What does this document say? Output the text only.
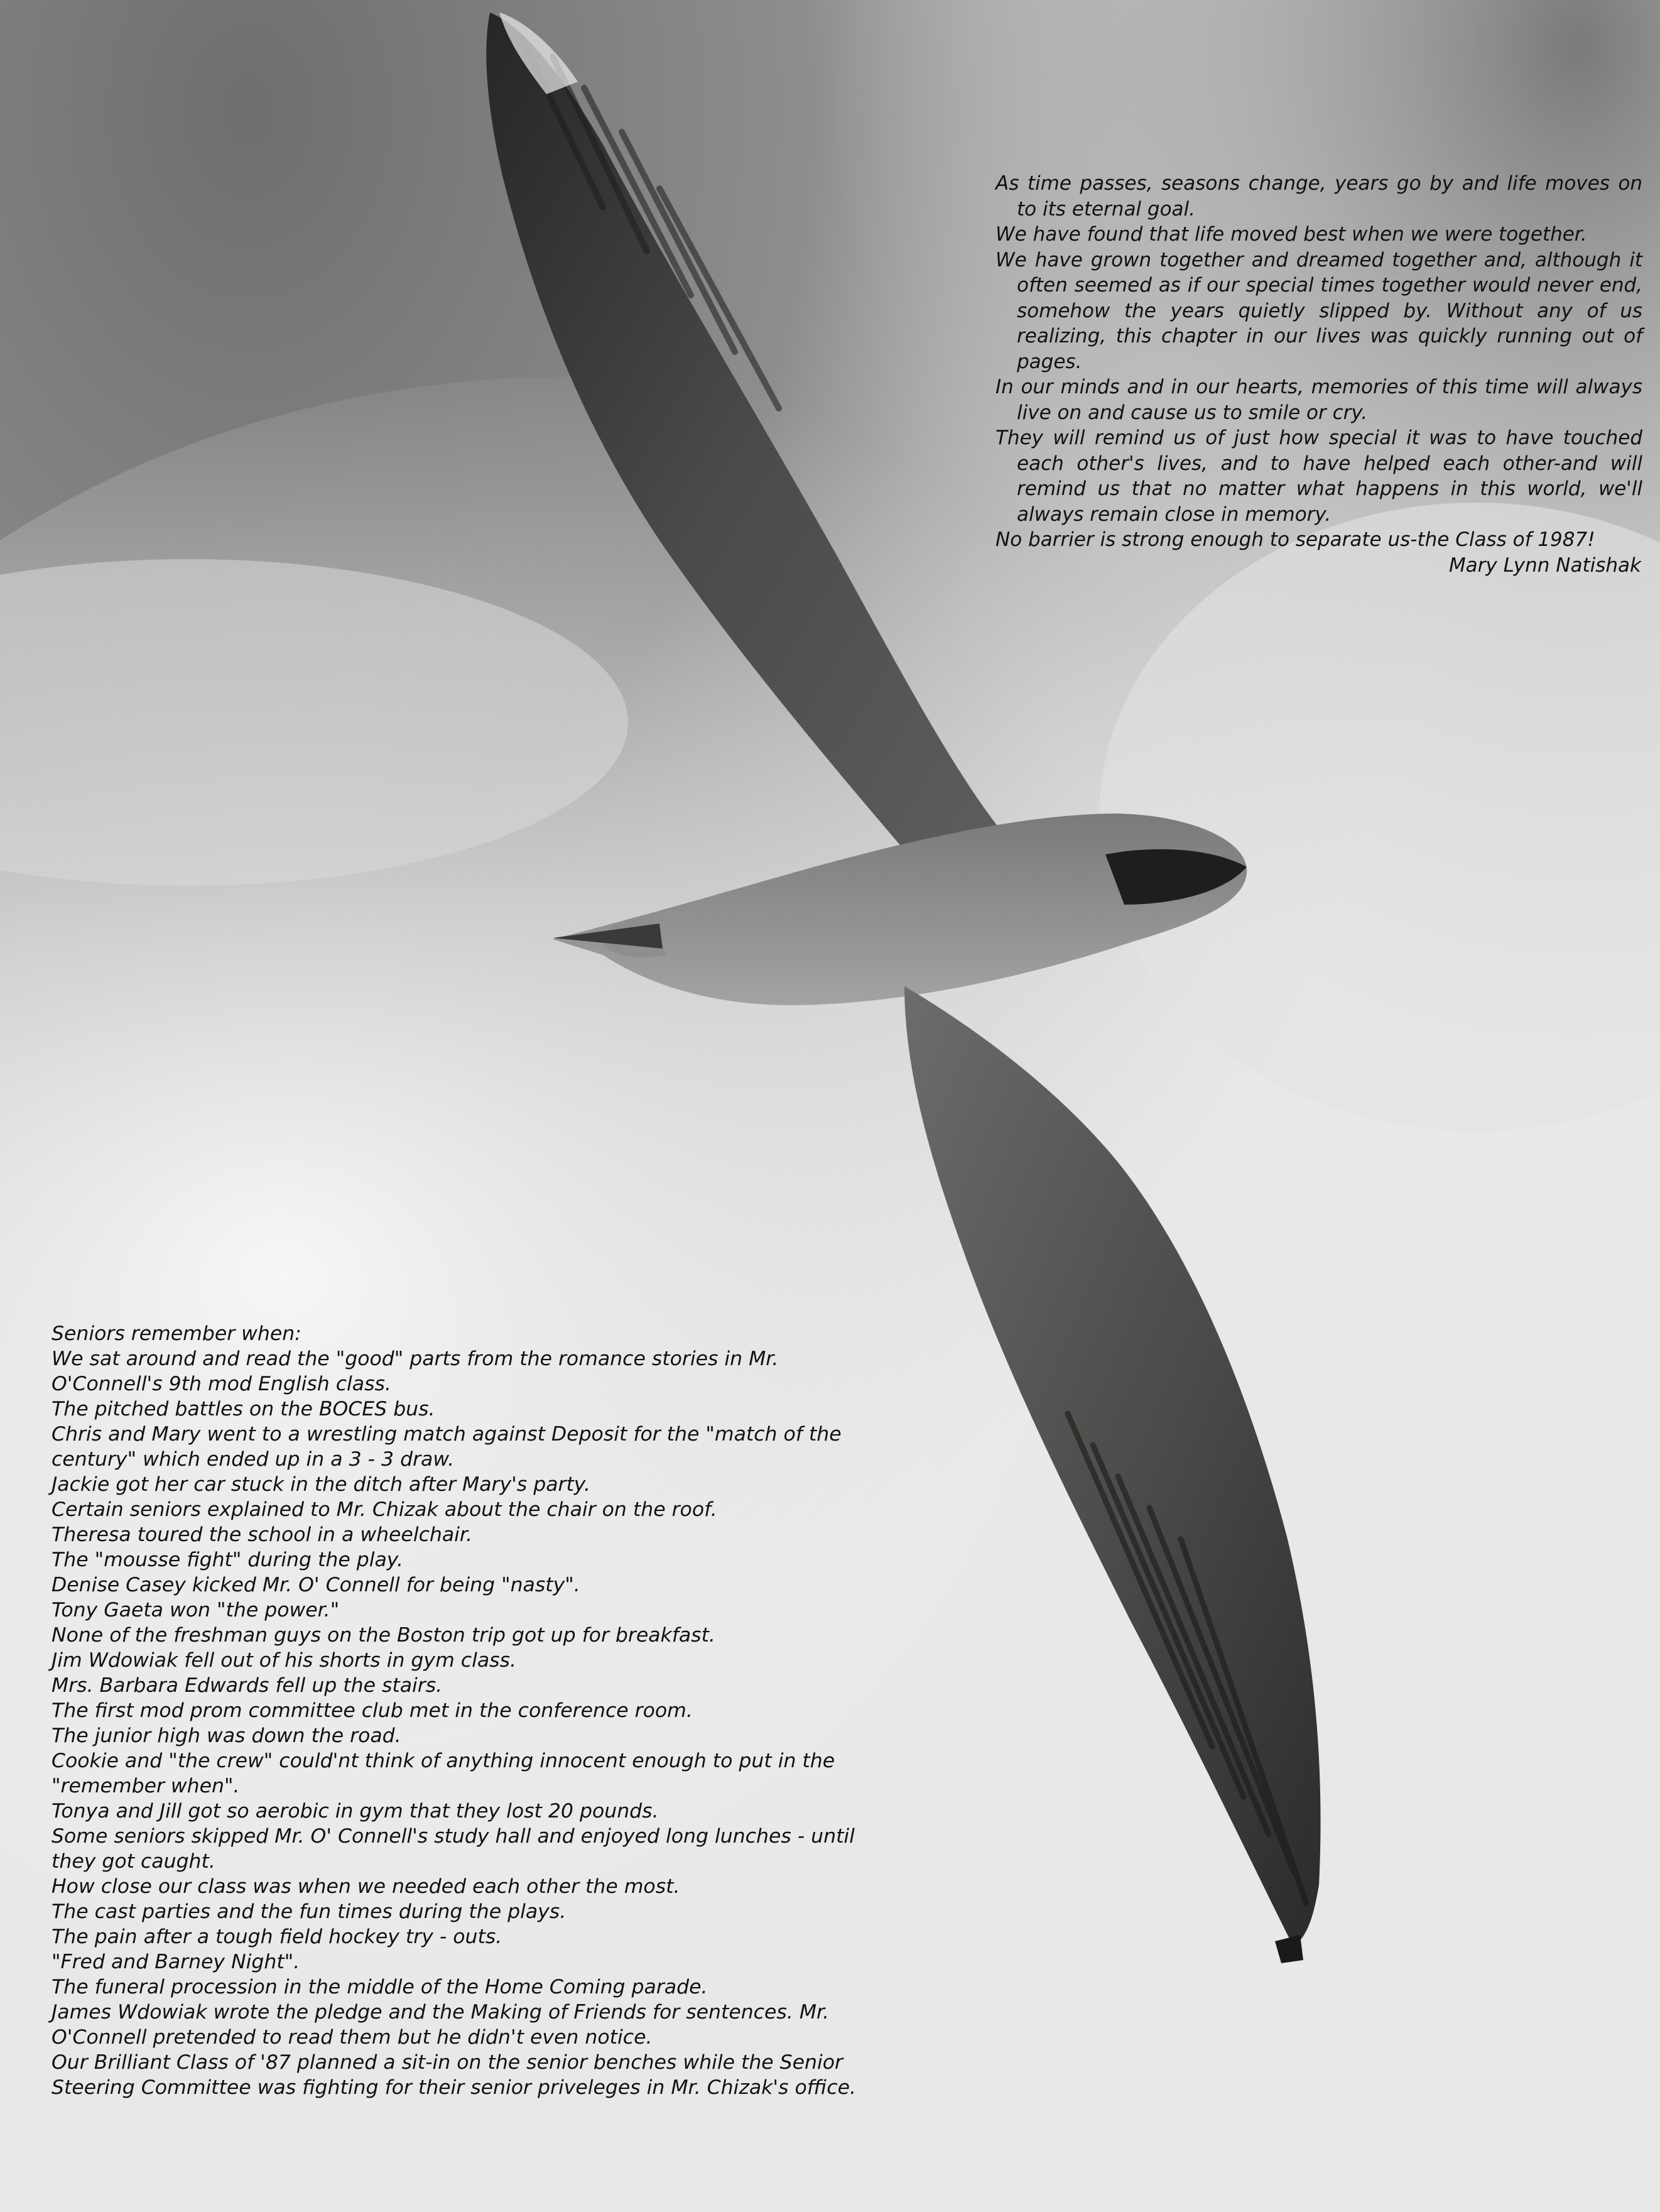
As time passes, seasons change, years go by and life moves on to its eternal goal.

We have found that life moved best when we were together.

We have grown together and dreamed together and, although it often seemed as if our special times together would never end, somehow the years quietly slipped by. Without any of us realizing, this chapter in our lives was quickly running out of pages.

In our minds and in our hearts, memories of this time will always live on and cause us to smile or cry.

They will remind us of just how special it was to have touched each other's lives, and to have helped each other-and will remind us that no matter what happens in this world, we'll always remain close in memory.

No barrier is strong enough to separate us-the Class of 1987!

Mary Lynn Natishak

Seniors remember when:

We sat around and read the "good" parts from the romance stories in Mr. O'Connell's 9th mod English class.

The pitched battles on the BOCES bus.

Chris and Mary went to a wrestling match against Deposit for the "match of the century" which ended up in a 3 - 3 draw.

Jackie got her car stuck in the ditch after Mary's party.

Certain seniors explained to Mr. Chizak about the chair on the roof.

Theresa toured the school in a wheelchair.

The "mousse fight" during the play.

Denise Casey kicked Mr. O' Connell for being "nasty".

Tony Gaeta won "the power."

None of the freshman guys on the Boston trip got up for breakfast.

Jim Wdowiak fell out of his shorts in gym class.

Mrs. Barbara Edwards fell up the stairs.

The first mod prom committee club met in the conference room.

The junior high was down the road.

Cookie and "the crew" could'nt think of anything innocent enough to put in the "remember when".

Tonya and Jill got so aerobic in gym that they lost 20 pounds.

Some seniors skipped Mr. O' Connell's study hall and enjoyed long lunches - until they got caught.

How close our class was when we needed each other the most.

The cast parties and the fun times during the plays.

The pain after a tough field hockey try - outs.

"Fred and Barney Night".

The funeral procession in the middle of the Home Coming parade.

James Wdowiak wrote the pledge and the Making of Friends for sentences. Mr. O'Connell pretended to read them but he didn't even notice.

Our Brilliant Class of '87 planned a sit-in on the senior benches while the Senior Steering Committee was fighting for their senior priveleges in Mr. Chizak's office.
